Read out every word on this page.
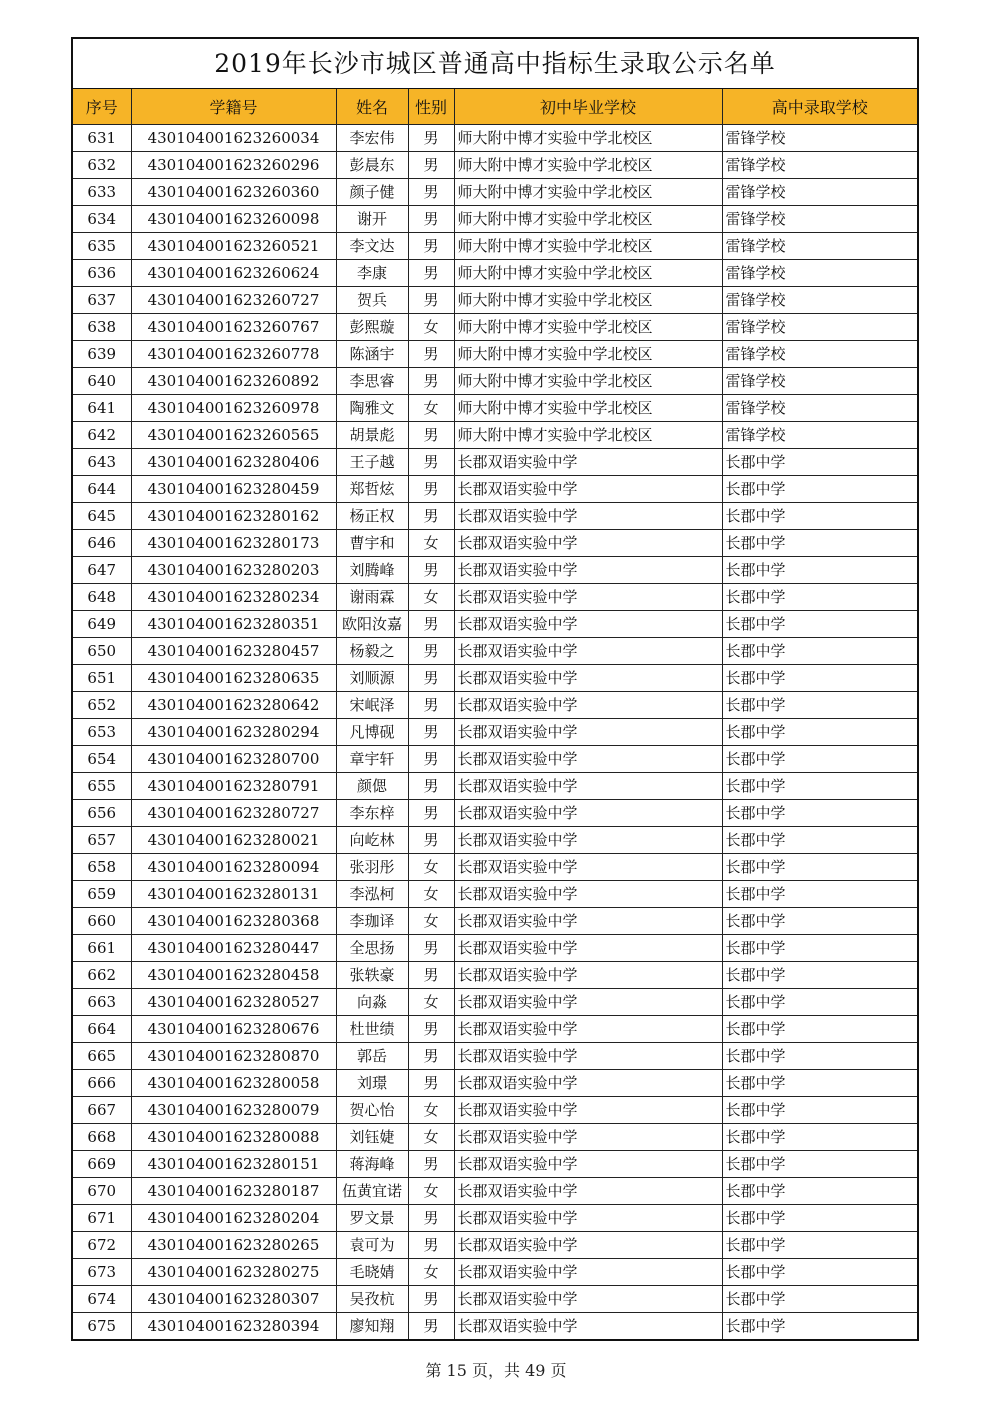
2019年长沙市城区普通高中指标生录取公示名单
序号	学籍号	姓名	性别	初中毕业学校	高中录取学校
631	430104001623260034	李宏伟	男	师大附中博才实验中学北校区	雷锋学校
632	430104001623260296	彭晨东	男	师大附中博才实验中学北校区	雷锋学校
633	430104001623260360	颜子健	男	师大附中博才实验中学北校区	雷锋学校
634	430104001623260098	谢开	男	师大附中博才实验中学北校区	雷锋学校
635	430104001623260521	李文达	男	师大附中博才实验中学北校区	雷锋学校
636	430104001623260624	李康	男	师大附中博才实验中学北校区	雷锋学校
637	430104001623260727	贺兵	男	师大附中博才实验中学北校区	雷锋学校
638	430104001623260767	彭熙璇	女	师大附中博才实验中学北校区	雷锋学校
639	430104001623260778	陈涵宇	男	师大附中博才实验中学北校区	雷锋学校
640	430104001623260892	李思睿	男	师大附中博才实验中学北校区	雷锋学校
641	430104001623260978	陶雅文	女	师大附中博才实验中学北校区	雷锋学校
642	430104001623260565	胡景彪	男	师大附中博才实验中学北校区	雷锋学校
643	430104001623280406	王子越	男	长郡双语实验中学	长郡中学
644	430104001623280459	郑哲炫	男	长郡双语实验中学	长郡中学
645	430104001623280162	杨正权	男	长郡双语实验中学	长郡中学
646	430104001623280173	曹宇和	女	长郡双语实验中学	长郡中学
647	430104001623280203	刘腾峰	男	长郡双语实验中学	长郡中学
648	430104001623280234	谢雨霖	女	长郡双语实验中学	长郡中学
649	430104001623280351	欧阳汝嘉	男	长郡双语实验中学	长郡中学
650	430104001623280457	杨毅之	男	长郡双语实验中学	长郡中学
651	430104001623280635	刘顺源	男	长郡双语实验中学	长郡中学
652	430104001623280642	宋岷泽	男	长郡双语实验中学	长郡中学
653	430104001623280294	凡博砚	男	长郡双语实验中学	长郡中学
654	430104001623280700	章宇轩	男	长郡双语实验中学	长郡中学
655	430104001623280791	颜偲	男	长郡双语实验中学	长郡中学
656	430104001623280727	李东梓	男	长郡双语实验中学	长郡中学
657	430104001623280021	向屹林	男	长郡双语实验中学	长郡中学
658	430104001623280094	张羽彤	女	长郡双语实验中学	长郡中学
659	430104001623280131	李泓柯	女	长郡双语实验中学	长郡中学
660	430104001623280368	李珈译	女	长郡双语实验中学	长郡中学
661	430104001623280447	全思扬	男	长郡双语实验中学	长郡中学
662	430104001623280458	张轶豪	男	长郡双语实验中学	长郡中学
663	430104001623280527	向淼	女	长郡双语实验中学	长郡中学
664	430104001623280676	杜世绩	男	长郡双语实验中学	长郡中学
665	430104001623280870	郭岳	男	长郡双语实验中学	长郡中学
666	430104001623280058	刘璟	男	长郡双语实验中学	长郡中学
667	430104001623280079	贺心怡	女	长郡双语实验中学	长郡中学
668	430104001623280088	刘钰婕	女	长郡双语实验中学	长郡中学
669	430104001623280151	蒋海峰	男	长郡双语实验中学	长郡中学
670	430104001623280187	伍黄宜诺	女	长郡双语实验中学	长郡中学
671	430104001623280204	罗文景	男	长郡双语实验中学	长郡中学
672	430104001623280265	袁可为	男	长郡双语实验中学	长郡中学
673	430104001623280275	毛晓婧	女	长郡双语实验中学	长郡中学
674	430104001623280307	吴孜杭	男	长郡双语实验中学	长郡中学
675	430104001623280394	廖知翔	男	长郡双语实验中学	长郡中学
第 15 页，共 49 页
